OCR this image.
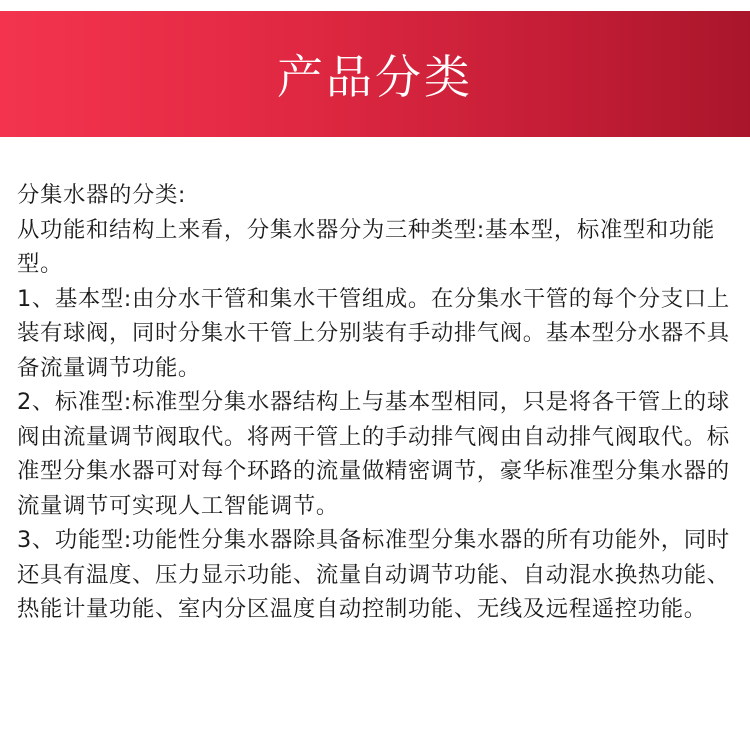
产品分类

分集水器的分类:

从功能和结构上来看，分集水器分为三种类型:基本型，标准型和功能型。

1、基本型:由分水干管和集水干管组成。在分集水干管的每个分支口上装有球阀，同时分集水干管上分别装有手动排气阀。基本型分水器不具备流量调节功能。

2、标准型:标准型分集水器结构上与基本型相同，只是将各干管上的球阀由流量调节阀取代。将两干管上的手动排气阀由自动排气阀取代。标准型分集水器可对每个环路的流量做精密调节，豪华标准型分集水器的流量调节可实现人工智能调节。

3、功能型:功能性分集水器除具备标准型分集水器的所有功能外，同时还具有温度、压力显示功能、流量自动调节功能、自动混水换热功能、热能计量功能、室内分区温度自动控制功能、无线及远程遥控功能。
